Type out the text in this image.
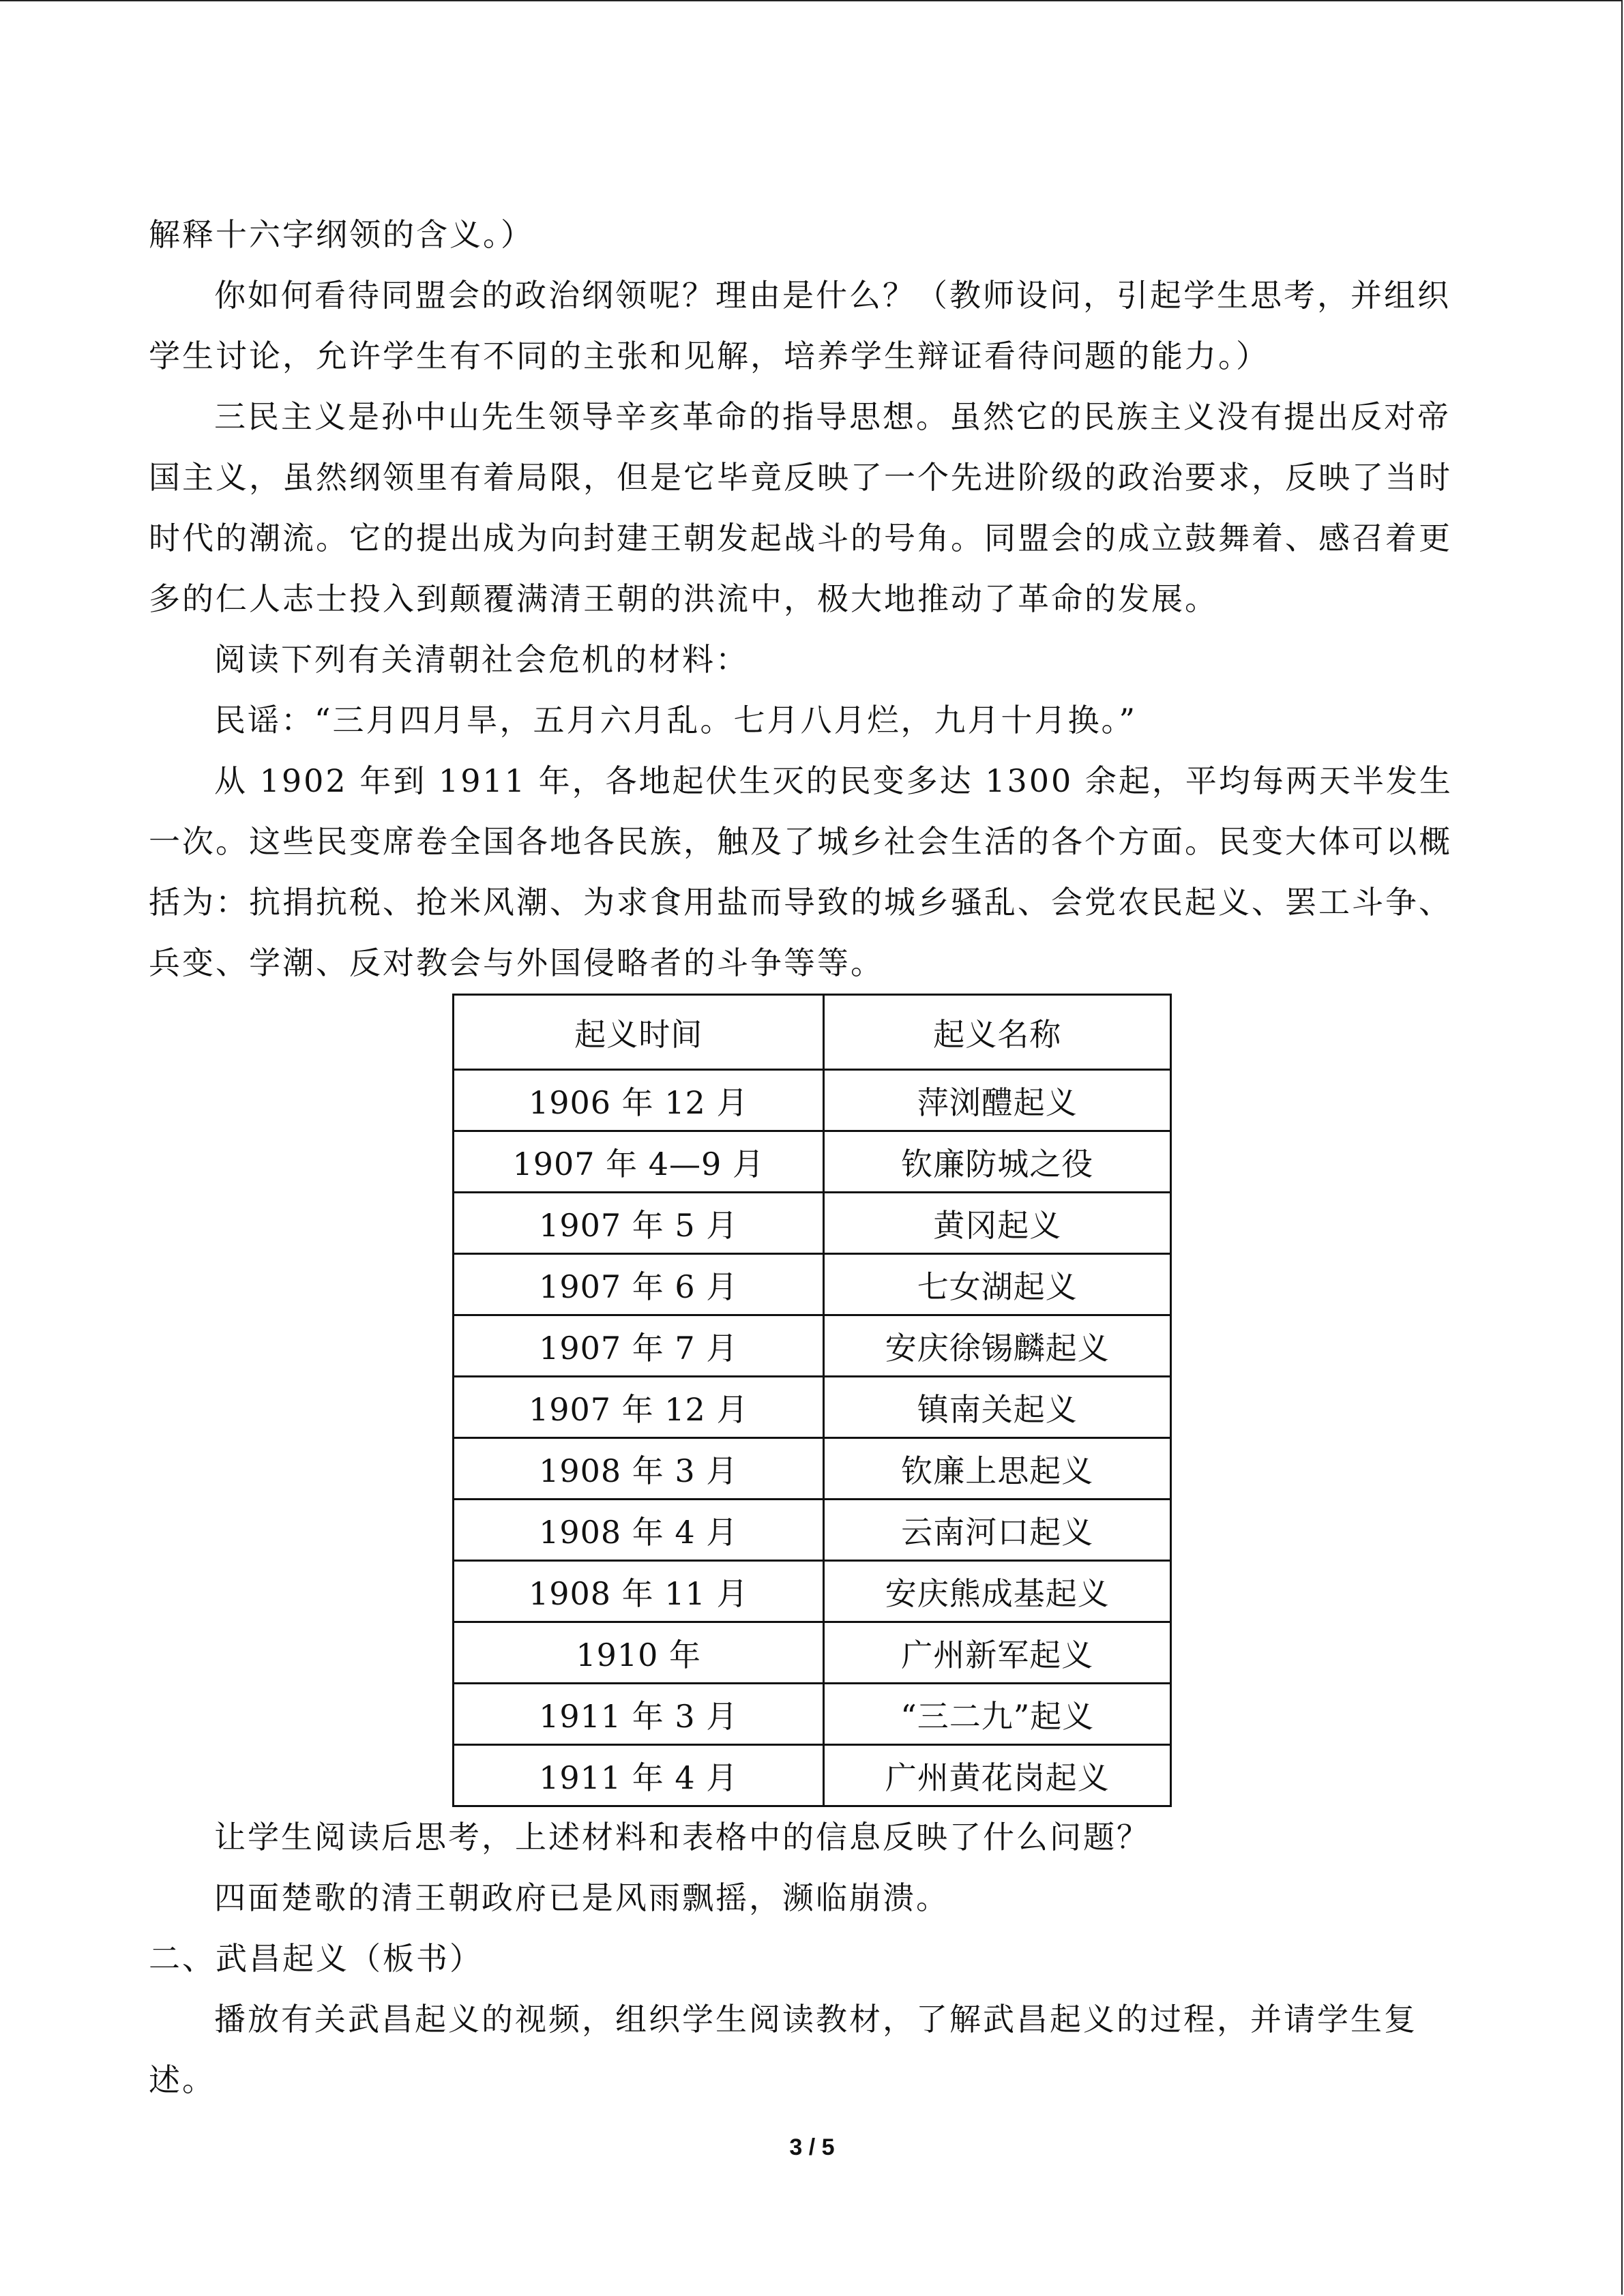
解释十六字纲领的含义。）

你如何看待同盟会的政治纲领呢？理由是什么？（教师设问，引起学生思考，并组织学生讨论，允许学生有不同的主张和见解，培养学生辩证看待问题的能力。）

三民主义是孙中山先生领导辛亥革命的指导思想。虽然它的民族主义没有提出反对帝国主义，虽然纲领里有着局限，但是它毕竟反映了一个先进阶级的政治要求，反映了当时时代的潮流。它的提出成为向封建王朝发起战斗的号角。同盟会的成立鼓舞着、感召着更多的仁人志士投入到颠覆满清王朝的洪流中，极大地推动了革命的发展。

阅读下列有关清朝社会危机的材料：

民谣：“三月四月旱，五月六月乱。七月八月烂，九月十月换。”

从 1902 年到 1911 年，各地起伏生灭的民变多达 1300 余起，平均每两天半发生一次。这些民变席卷全国各地各民族，触及了城乡社会生活的各个方面。民变大体可以概括为：抗捐抗税、抢米风潮、为求食用盐而导致的城乡骚乱、会党农民起义、罢工斗争、兵变、学潮、反对教会与外国侵略者的斗争等等。

起义时间	起义名称
1906 年 12 月	萍浏醴起义
1907 年 4—9 月	钦廉防城之役
1907 年 5 月	黄冈起义
1907 年 6 月	七女湖起义
1907 年 7 月	安庆徐锡麟起义
1907 年 12 月	镇南关起义
1908 年 3 月	钦廉上思起义
1908 年 4 月	云南河口起义
1908 年 11 月	安庆熊成基起义
1910 年	广州新军起义
1911 年 3 月	“三二九”起义
1911 年 4 月	广州黄花岗起义

让学生阅读后思考，上述材料和表格中的信息反映了什么问题？

四面楚歌的清王朝政府已是风雨飘摇，濒临崩溃。

二、武昌起义（板书）

播放有关武昌起义的视频，组织学生阅读教材，了解武昌起义的过程，并请学生复述。

3 / 5
